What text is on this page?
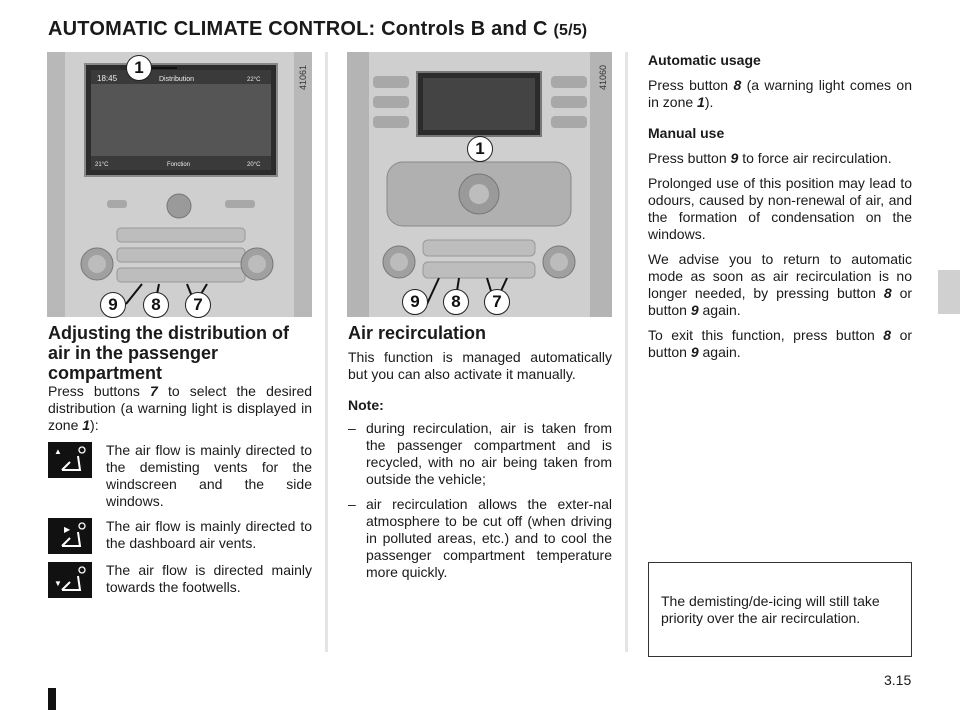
AUTOMATIC CLIMATE CONTROL: Controls B and C (5/5)
18:45	Distribution	22°C
21°C	Fonction	20°C
41061
1
9	8	7
41060
1
9	8	7
Adjusting the distribution of air in the passenger compartment

Press buttons 7 to select the desired distribution (a warning light is displayed in zone 1):

▲	The air flow is mainly directed to the demisting vents for the windscreen and the side windows.
▶	The air flow is mainly directed to the dashboard air vents.
▼
The air flow is directed mainly towards the footwells.
Air recirculation

This function is managed automatically but you can also activate it manually.

Note:

– during recirculation, air is taken from the passenger compartment and is recycled, with no air being taken from outside the vehicle;
– air recirculation allows the exter-nal atmosphere to be cut off (when driving in polluted areas, etc.) and to cool the passenger compartment temperature more quickly.

Automatic usage

Press button 8 (a warning light comes on in zone 1).

Manual use

Press button 9 to force air recirculation.

Prolonged use of this position may lead to odours, caused by non-renewal of air, and the formation of condensation on the windows.

We advise you to return to automatic mode as soon as air recirculation is no longer needed, by pressing button 8 or button 9 again.

To exit this function, press button 8 or button 9 again.

The demisting/de-icing will still take priority over the air recirculation.
3.15
